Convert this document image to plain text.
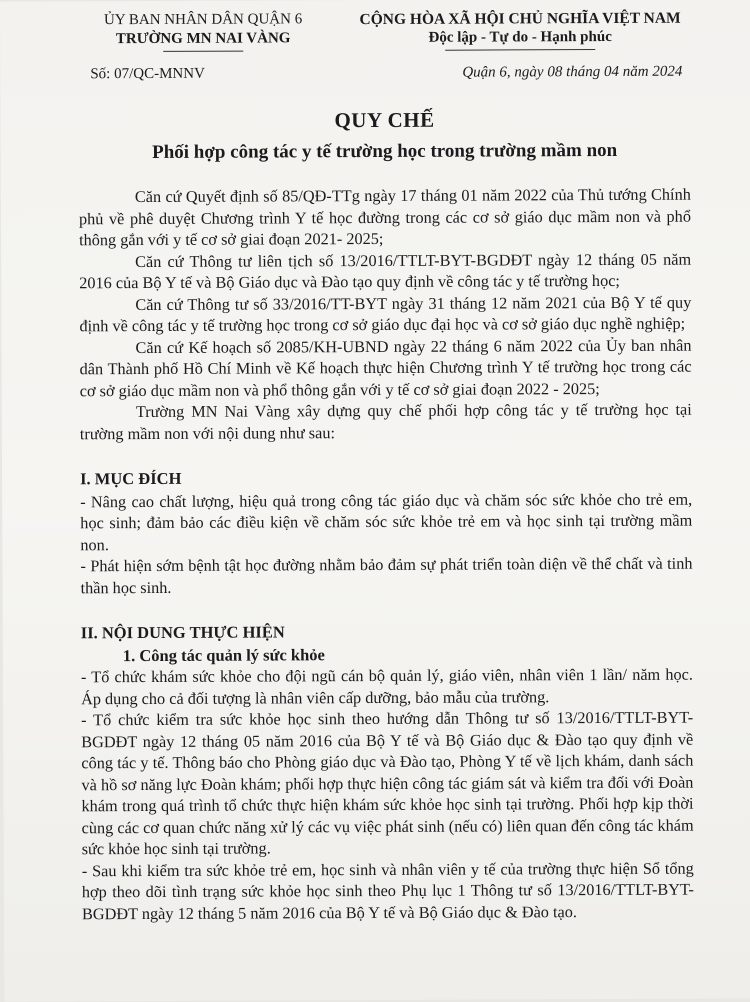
ỦY BAN NHÂN DÂN QUẬN 6
TRƯỜNG MN NAI VÀNG
CỘNG HÒA XÃ HỘI CHỦ NGHĨA VIỆT NAM
Độc lập - Tự do - Hạnh phúc
Số: 07/QC-MNNV	Quận 6, ngày 08 tháng 04 năm 2024
QUY CHẾ
Phối hợp công tác y tế trường học trong trường mầm non

Căn cứ Quyết định số 85/QĐ-TTg ngày 17 tháng 01 năm 2022 của Thủ tướng Chính phủ về phê duyệt Chương trình Y tế học đường trong các cơ sở giáo dục mầm non và phổ thông gắn với y tế cơ sở giai đoạn 2021- 2025;

Căn cứ Thông tư liên tịch số 13/2016/TTLT-BYT-BGDĐT ngày 12 tháng 05 năm 2016 của Bộ Y tế và Bộ Giáo dục và Đào tạo quy định về công tác y tế trường học;

Căn cứ Thông tư số 33/2016/TT-BYT ngày 31 tháng 12 năm 2021 của Bộ Y tế quy định về công tác y tế trường học trong cơ sở giáo dục đại học và cơ sở giáo dục nghề nghiệp;

Căn cứ Kế hoạch số 2085/KH-UBND ngày 22 tháng 6 năm 2022 của Ủy ban nhân dân Thành phố Hồ Chí Minh về Kế hoạch thực hiện Chương trình Y tế trường học trong các cơ sở giáo dục mầm non và phổ thông gắn với y tế cơ sở giai đoạn 2022 - 2025;

Trường MN Nai Vàng xây dựng quy chế phối hợp công tác y tế trường học tại trường mầm non với nội dung như sau:

I. MỤC ĐÍCH

- Nâng cao chất lượng, hiệu quả trong công tác giáo dục và chăm sóc sức khỏe cho trẻ em, học sinh; đảm bảo các điều kiện về chăm sóc sức khỏe trẻ em và học sinh tại trường mầm non.

- Phát hiện sớm bệnh tật học đường nhằm bảo đảm sự phát triển toàn diện về thể chất và tinh thần học sinh.

II. NỘI DUNG THỰC HIỆN
1. Công tác quản lý sức khỏe

- Tổ chức khám sức khỏe cho đội ngũ cán bộ quản lý, giáo viên, nhân viên 1 lần/ năm học. Áp dụng cho cả đối tượng là nhân viên cấp dưỡng, bảo mẫu của trường.

- Tổ chức kiểm tra sức khỏe học sinh theo hướng dẫn Thông tư số 13/2016/TTLT-BYT-BGDĐT ngày 12 tháng 05 năm 2016 của Bộ Y tế và Bộ Giáo dục & Đào tạo quy định về công tác y tế. Thông báo cho Phòng giáo dục và Đào tạo, Phòng Y tế về lịch khám, danh sách và hồ sơ năng lực Đoàn khám; phối hợp thực hiện công tác giám sát và kiểm tra đối với Đoàn khám trong quá trình tổ chức thực hiện khám sức khỏe học sinh tại trường. Phối hợp kịp thời cùng các cơ quan chức năng xử lý các vụ việc phát sinh (nếu có) liên quan đến công tác khám sức khỏe học sinh tại trường.

- Sau khi kiểm tra sức khỏe trẻ em, học sinh và nhân viên y tế của trường thực hiện Sổ tổng hợp theo dõi tình trạng sức khỏe học sinh theo Phụ lục 1 Thông tư số 13/2016/TTLT-BYT-BGDĐT ngày 12 tháng 5 năm 2016 của Bộ Y tế và Bộ Giáo dục & Đào tạo.
